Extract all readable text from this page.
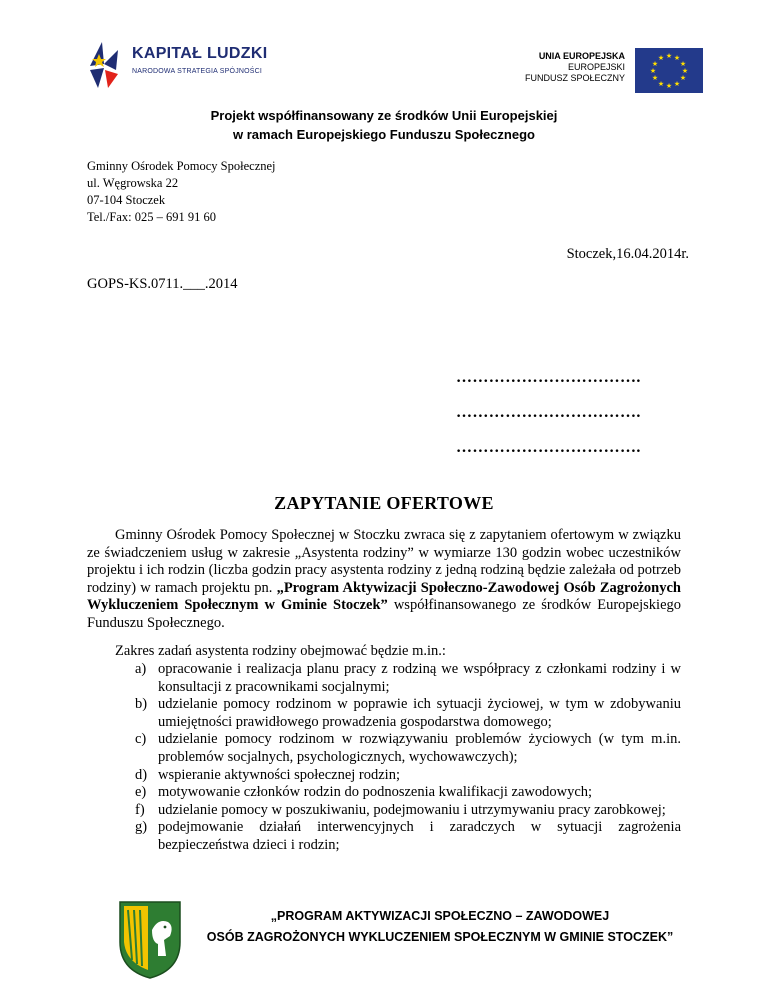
KAPITAŁ LUDZKI
NARODOWA STRATEGIA SPÓJNOŚCI
UNIA EUROPEJSKA
EUROPEJSKI
FUNDUSZ SPOŁECZNY
★ ★
★
★
★
★
★
★
★
★
★
★
Projekt współfinansowany ze środków Unii Europejskiej
w ramach Europejskiego Funduszu Społecznego
Gminny Ośrodek Pomocy Społecznej
ul. Węgrowska 22
07-104 Stoczek
Tel./Fax: 025 – 691 91 60
Stoczek,16.04.2014r.
GOPS-KS.0711.___.2014
…………………………….
…………………………….
…………………………….
ZAPYTANIE OFERTOWE

Gminny Ośrodek Pomocy Społecznej w Stoczku zwraca się z zapytaniem ofertowym w związku ze świadczeniem usług w zakresie „Asystenta rodziny” w wymiarze 130 godzin wobec uczestników projektu i ich rodzin (liczba godzin pracy asystenta rodziny z jedną rodziną będzie zależała od potrzeb rodziny) w ramach projektu pn. „Program Aktywizacji Społeczno-Zawodowej Osób Zagrożonych Wykluczeniem Społecznym w Gminie Stoczek” współfinansowanego ze środków Europejskiego Funduszu Społecznego.

Zakres zadań asystenta rodziny obejmować będzie m.in.:
a) opracowanie i realizacja planu pracy z rodziną we współpracy z członkami rodziny i w konsultacji z pracownikami socjalnymi;
b) udzielanie pomocy rodzinom w poprawie ich sytuacji życiowej, w tym w zdobywaniu umiejętności prawidłowego prowadzenia gospodarstwa domowego;
c) udzielanie pomocy rodzinom w rozwiązywaniu problemów życiowych (w tym m.in. problemów socjalnych, psychologicznych, wychowawczych);
d) wspieranie aktywności społecznej rodzin;
e) motywowanie członków rodzin do podnoszenia kwalifikacji zawodowych;
f) udzielanie pomocy w poszukiwaniu, podejmowaniu i utrzymywaniu pracy zarobkowej;
g) podejmowanie działań interwencyjnych i zaradczych w sytuacji zagrożenia bezpieczeństwa dzieci i rodzin;
„PROGRAM AKTYWIZACJI SPOŁECZNO – ZAWODOWEJ
OSÓB ZAGROŻONYCH WYKLUCZENIEM SPOŁECZNYM W GMINIE STOCZEK”
